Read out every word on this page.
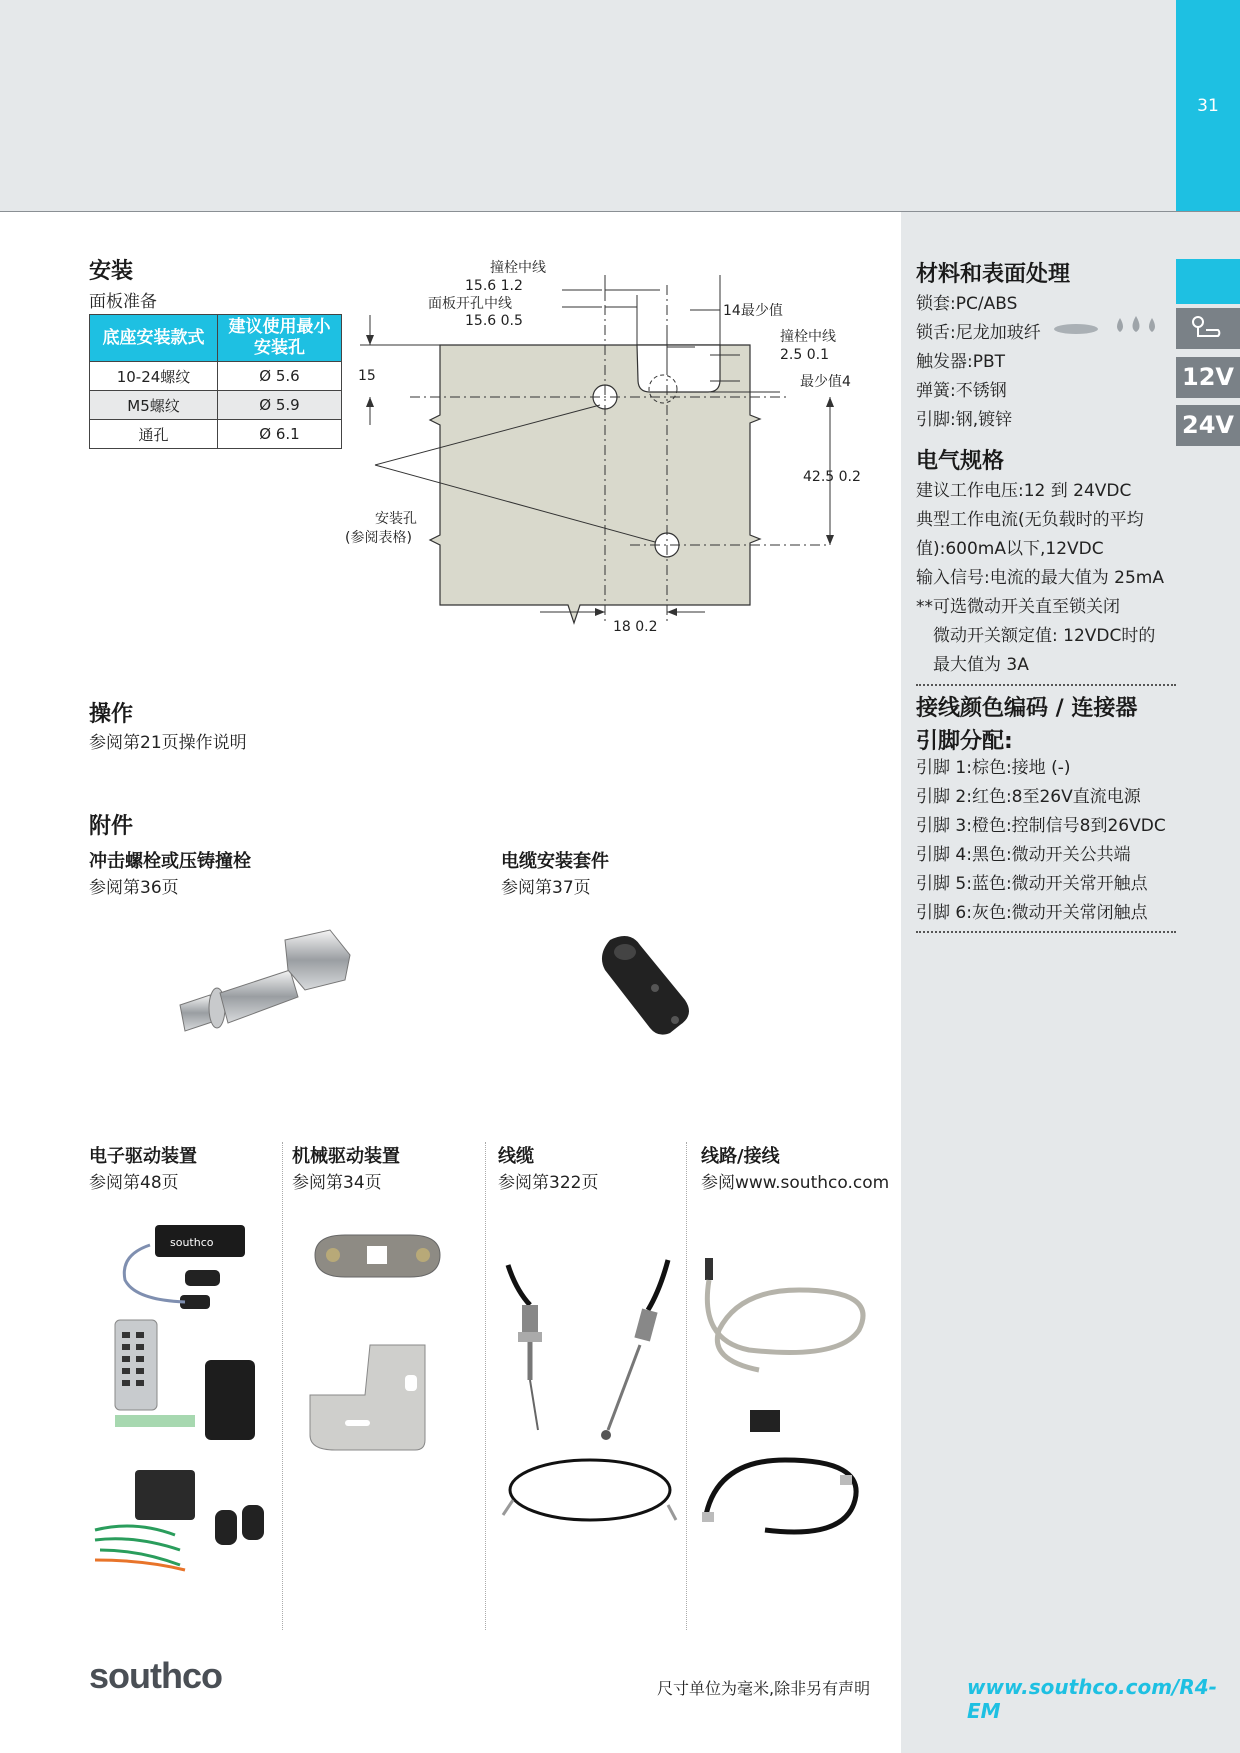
31
12V
24V
材料和表面处理
锁套:PC/ABS
锁舌:尼龙加玻纤
触发器:PBT
弹簧:不锈钢
引脚:钢,镀锌
电气规格
建议工作电压:12 到 24VDC
典型工作电流(无负载时的平均
值):600mA以下,12VDC
输入信号:电流的最大值为 25mA
**可选微动开关直至锁关闭
微动开关额定值: 12VDC时的
最大值为 3A
接线颜色编码 / 连接器
引脚分配:
引脚 1:棕色:接地 (-)
引脚 2:红色:8至26V直流电源
引脚 3:橙色:控制信号8到26VDC
引脚 4:黑色:微动开关公共端
引脚 5:蓝色:微动开关常开触点
引脚 6:灰色:微动开关常闭触点
安装
面板准备
底座安装款式	建议使用最小安装孔
10-24螺纹	Ø 5.6
M5螺纹	Ø 5.9
通孔	Ø 6.1
撞栓中线
15.6 1.2
面板开孔中线
15.6 0.5
14最少值
撞栓中线
2.5 0.1
最少值4
15
42.5 0.2
安装孔
(参阅表格)
18 0.2
操作
参阅第21页操作说明
附件
冲击螺栓或压铸撞栓
参阅第36页
电缆安装套件
参阅第37页
电子驱动装置
参阅第48页
机械驱动装置
参阅第34页
线缆
参阅第322页
线路/接线
参阅www.southco.com
southco
southco	尺寸单位为毫米,除非另有声明	www.southco.com/R4-EM
